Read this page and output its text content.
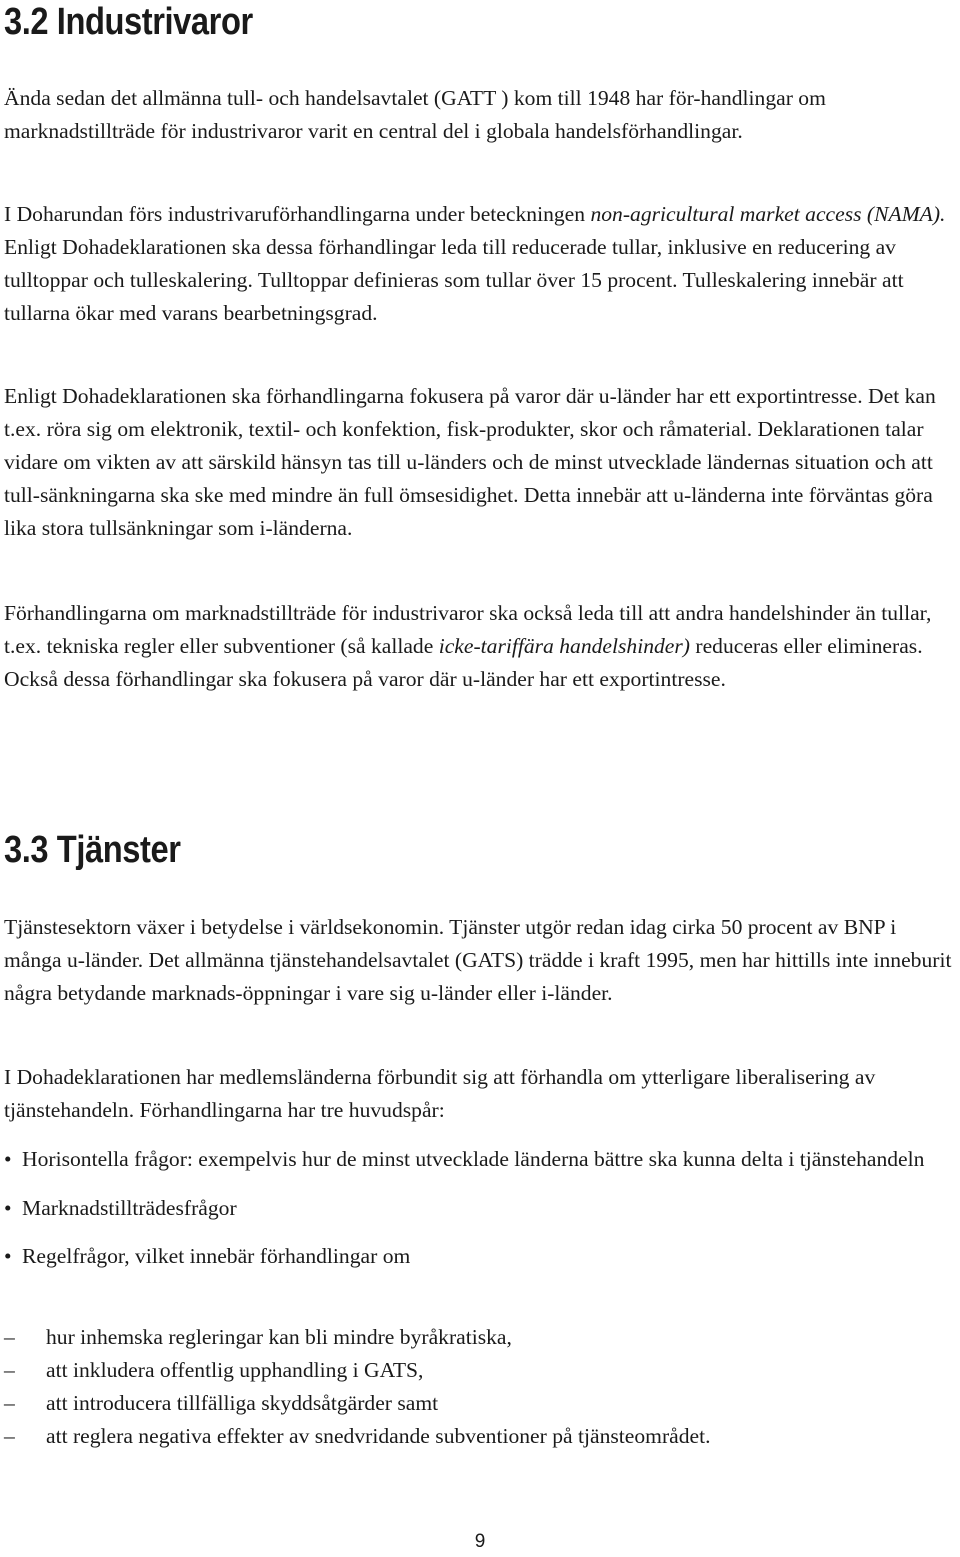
3.2 Industrivaror

Ända sedan det allmänna tull- och handelsavtalet (GATT ) kom till 1948 har för-handlingar om marknadstillträde för industrivaror varit en central del i globala handelsförhandlingar.

I Doharundan förs industrivaruförhandlingarna under beteckningen non-agricultural market access (NAMA). Enligt Dohadeklarationen ska dessa förhandlingar leda till reducerade tullar, inklusive en reducering av tulltoppar och tulleskalering. Tulltoppar definieras som tullar över 15 procent. Tulleskalering innebär att tullarna ökar med varans bearbetningsgrad.

Enligt Dohadeklarationen ska förhandlingarna fokusera på varor där u-länder har ett exportintresse. Det kan t.ex. röra sig om elektronik, textil- och konfektion, fisk-produkter, skor och råmaterial. Deklarationen talar vidare om vikten av att särskild hänsyn tas till u-länders och de minst utvecklade ländernas situation och att tull-sänkningarna ska ske med mindre än full ömsesidighet. Detta innebär att u-länderna inte förväntas göra lika stora tullsänkningar som i-länderna.

Förhandlingarna om marknadstillträde för industrivaror ska också leda till att andra handelshinder än tullar, t.ex. tekniska regler eller subventioner (så kallade icke-tariffära handelshinder) reduceras eller elimineras. Också dessa förhandlingar ska fokusera på varor där u-länder har ett exportintresse.

3.3 Tjänster

Tjänstesektorn växer i betydelse i världsekonomin. Tjänster utgör redan idag cirka 50 procent av BNP i många u-länder. Det allmänna tjänstehandelsavtalet (GATS) trädde i kraft 1995, men har hittills inte inneburit några betydande marknads-öppningar i vare sig u-länder eller i-länder.

I Dohadeklarationen har medlemsländerna förbundit sig att förhandla om ytterligare liberalisering av tjänstehandeln. Förhandlingarna har tre huvudspår:

• Horisontella frågor: exempelvis hur de minst utvecklade länderna bättre ska kunna delta i tjänstehandeln
• Marknadstillträdesfrågor
• Regelfrågor, vilket innebär förhandlingar om
– hur inhemska regleringar kan bli mindre byråkratiska,
– att inkludera offentlig upphandling i GATS,
– att introducera tillfälliga skyddsåtgärder samt
– att reglera negativa effekter av snedvridande subventioner på tjänsteområdet.
9
